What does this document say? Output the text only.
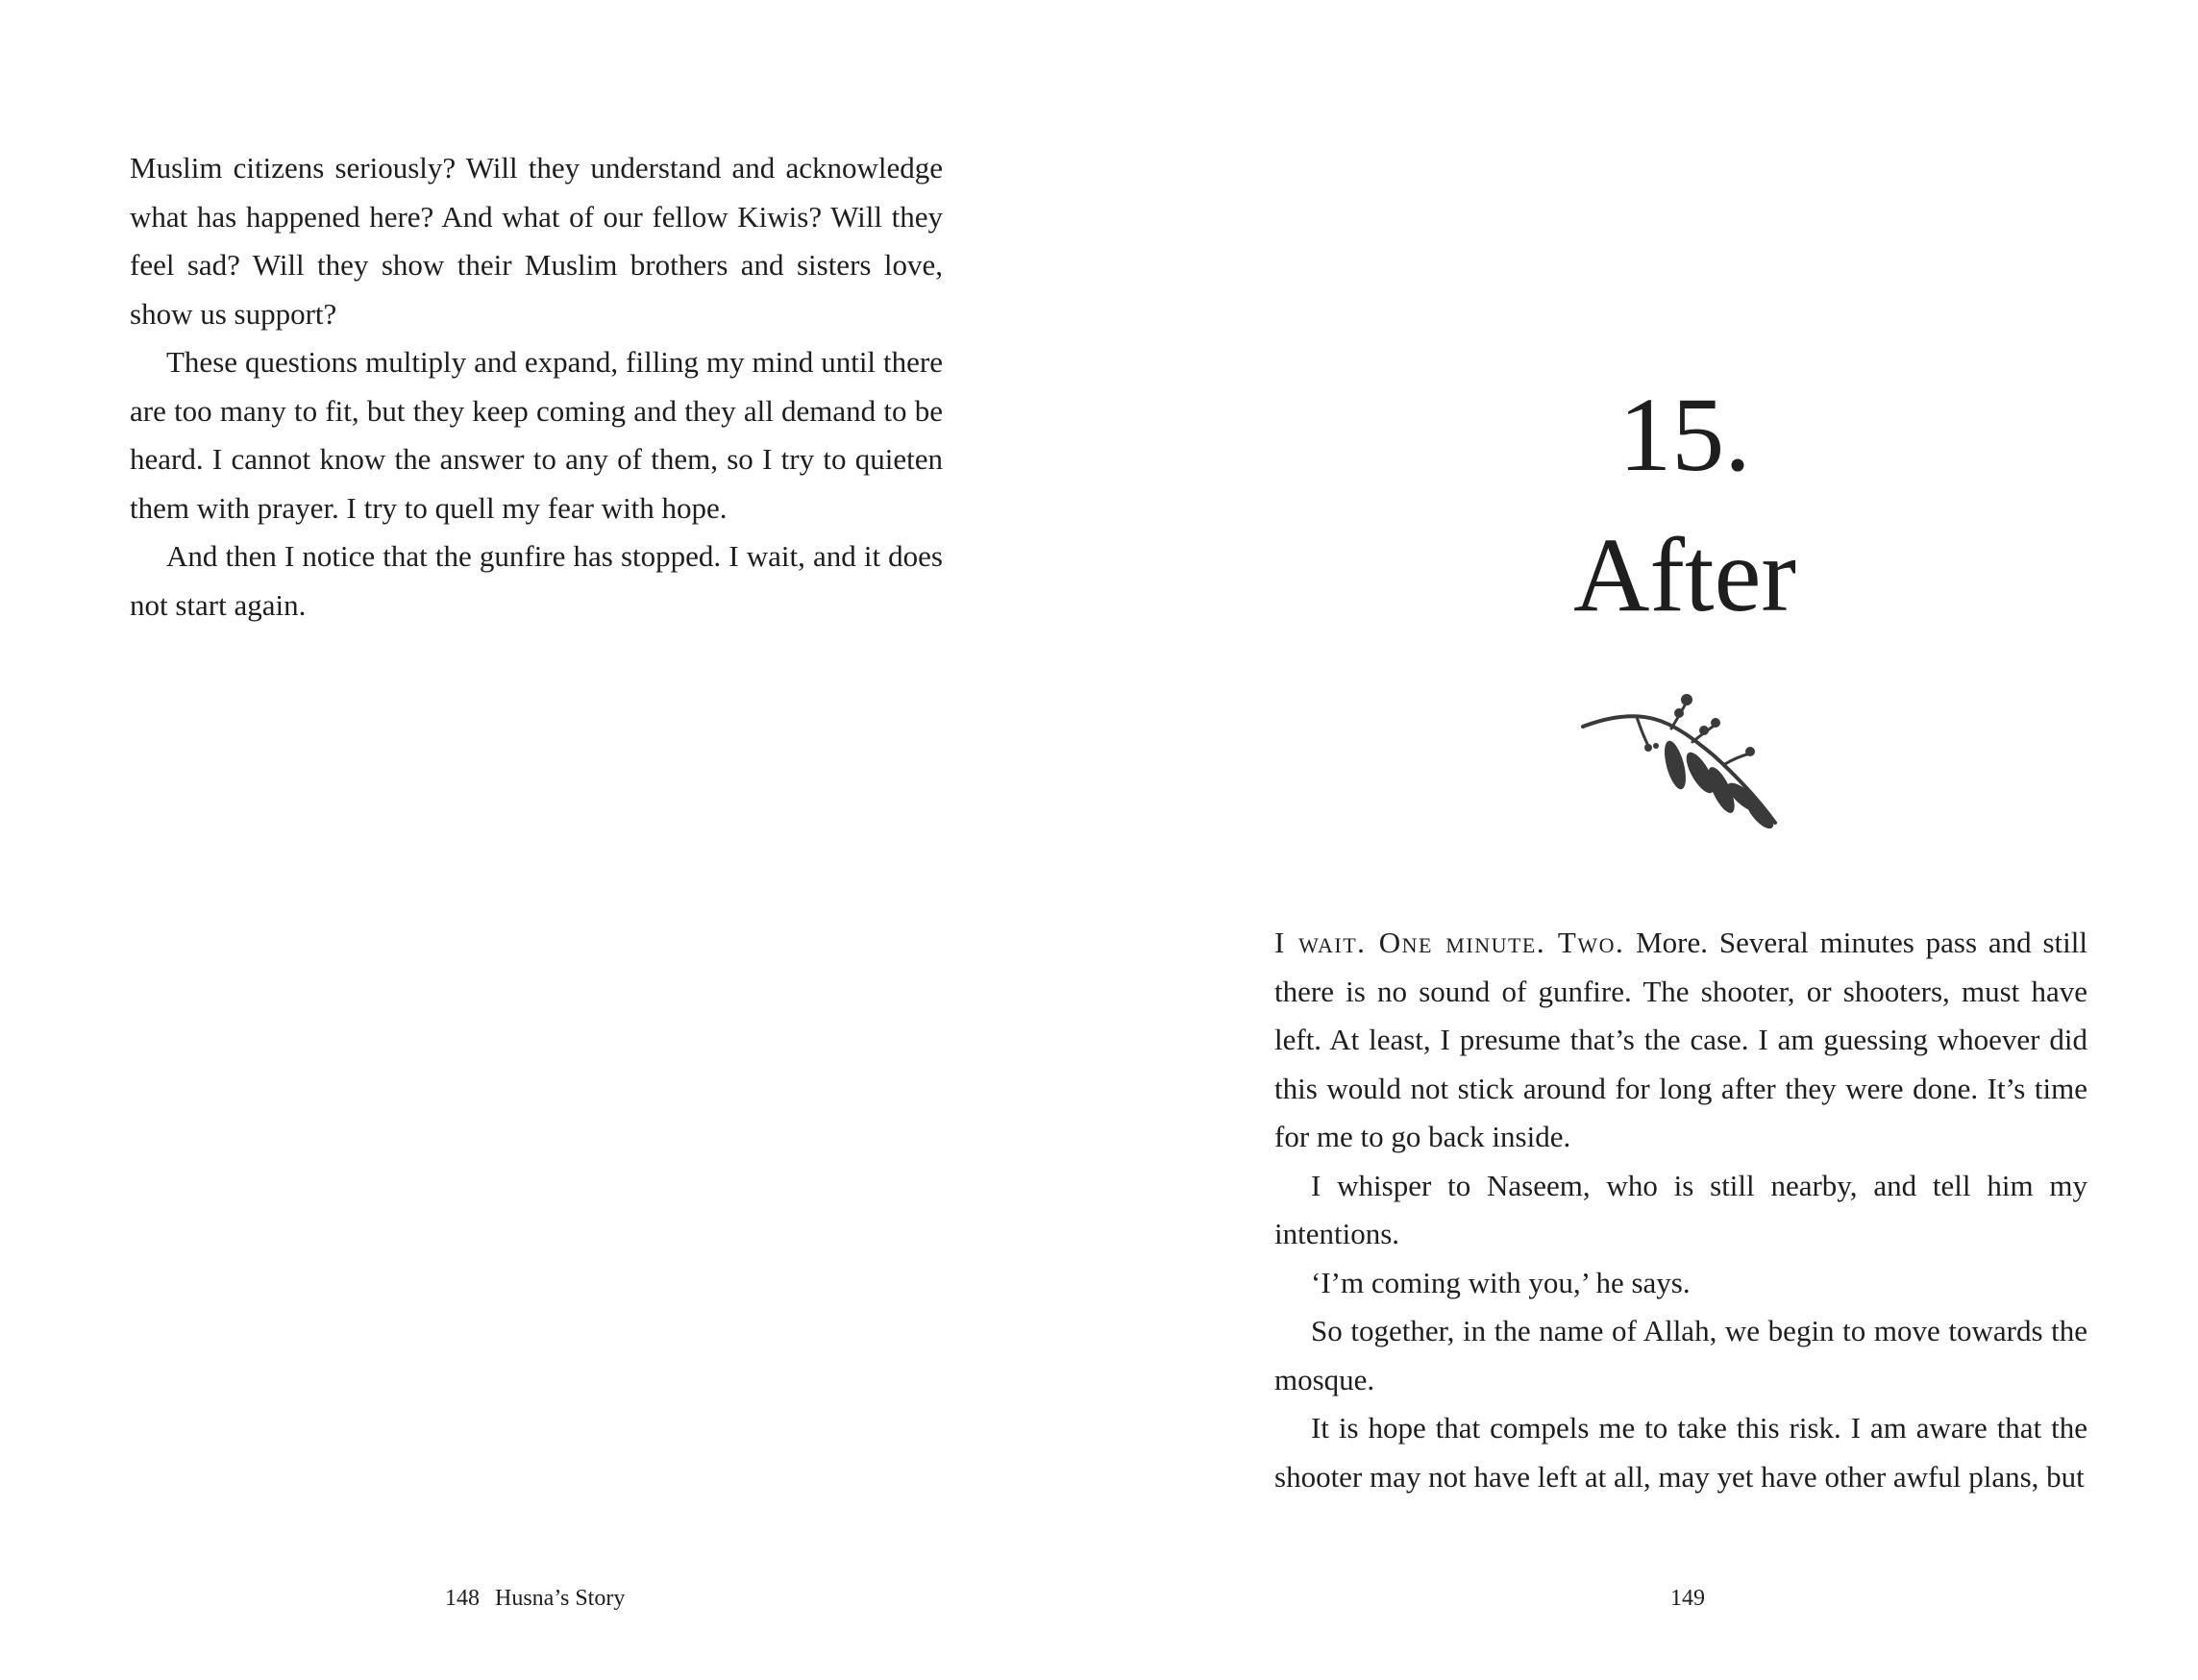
Muslim citizens seriously? Will they understand and acknowledge what has happened here? And what of our fellow Kiwis? Will they feel sad? Will they show their Muslim brothers and sisters love, show us support?

These questions multiply and expand, filling my mind until there are too many to fit, but they keep coming and they all demand to be heard. I cannot know the answer to any of them, so I try to quieten them with prayer. I try to quell my fear with hope.

And then I notice that the gunfire has stopped. I wait, and it does not start again.

148 Husna’s Story
15.
After

I wait. One minute. Two. More. Several minutes pass and still there is no sound of gunfire. The shooter, or shooters, must have left. At least, I presume that’s the case. I am guessing whoever did this would not stick around for long after they were done. It’s time for me to go back inside.

I whisper to Naseem, who is still nearby, and tell him my intentions.

‘I’m coming with you,’ he says.

So together, in the name of Allah, we begin to move towards the mosque.

It is hope that compels me to take this risk. I am aware that the shooter may not have left at all, may yet have other awful plans, but

149
